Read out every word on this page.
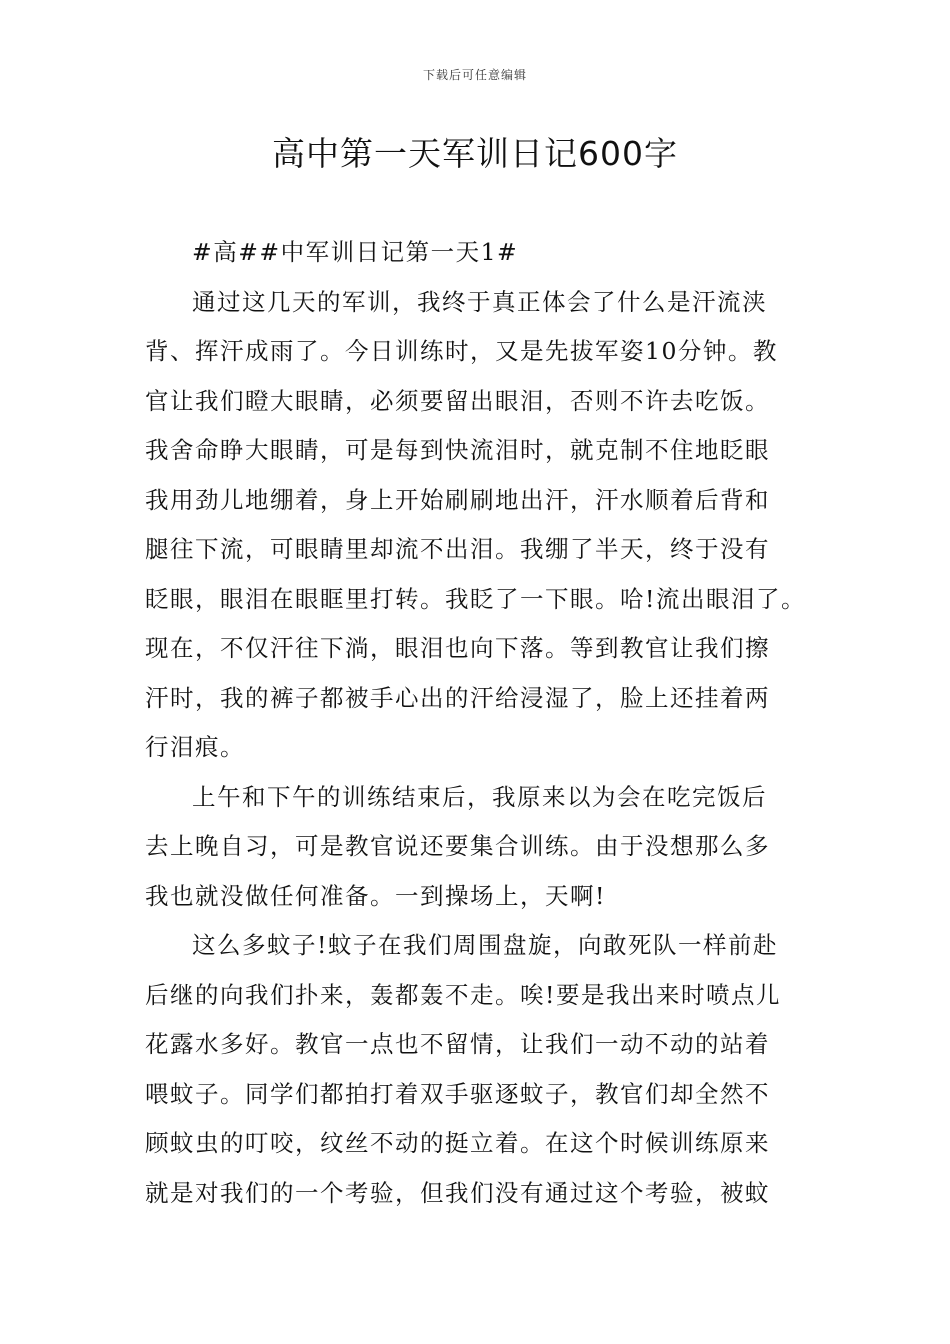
下载后可任意编辑
高中第一天军训日记600字

#高##中军训日记第一天1#

通过这几天的军训，我终于真正体会了什么是汗流浃
背、挥汗成雨了。今日训练时，又是先拔军姿10分钟。教
官让我们瞪大眼睛，必须要留出眼泪，否则不许去吃饭。
我舍命睁大眼睛，可是每到快流泪时，就克制不住地眨眼
我用劲儿地绷着，身上开始刷刷地出汗，汗水顺着后背和
腿往下流，可眼睛里却流不出泪。我绷了半天，终于没有
眨眼，眼泪在眼眶里打转。我眨了一下眼。哈!流出眼泪了。
现在，不仅汗往下淌，眼泪也向下落。等到教官让我们擦
汗时，我的裤子都被手心出的汗给浸湿了，脸上还挂着两
行泪痕。

上午和下午的训练结束后，我原来以为会在吃完饭后
去上晚自习，可是教官说还要集合训练。由于没想那么多
我也就没做任何准备。一到操场上，天啊!

这么多蚊子!蚊子在我们周围盘旋，向敢死队一样前赴
后继的向我们扑来，轰都轰不走。唉!要是我出来时喷点儿
花露水多好。教官一点也不留情，让我们一动不动的站着
喂蚊子。同学们都拍打着双手驱逐蚊子，教官们却全然不
顾蚊虫的叮咬，纹丝不动的挺立着。在这个时候训练原来
就是对我们的一个考验，但我们没有通过这个考验，被蚊
